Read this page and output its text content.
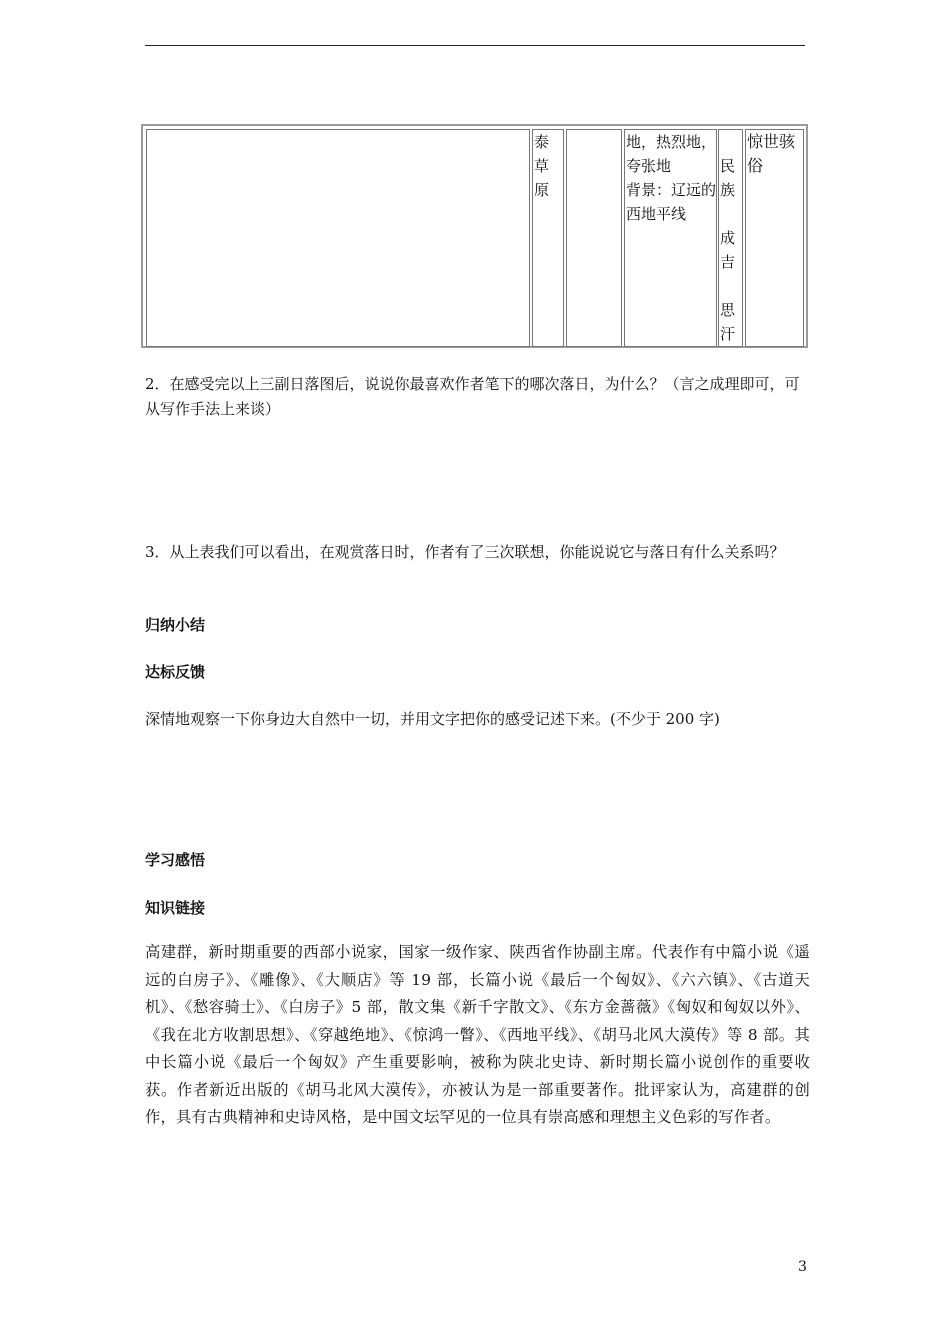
泰草原
地，热烈地，
夸张地
背景：辽远的
西地平线
民
族
成
吉
思
汗
惊世骇
俗
2．在感受完以上三副日落图后，说说你最喜欢作者笔下的哪次落日，为什么？（言之成理即可，可从写作手法上来谈）
3．从上表我们可以看出，在观赏落日时，作者有了三次联想，你能说说它与落日有什么关系吗？
归纳小结
达标反馈
深情地观察一下你身边大自然中一切，并用文字把你的感受记述下来。(不少于 200 字)
学习感悟
知识链接
高建群，新时期重要的西部小说家，国家一级作家、陕西省作协副主席。代表作有中篇小说《遥远的白房子》、《雕像》、《大顺店》等 19 部，长篇小说《最后一个匈奴》、《六六镇》、《古道天机》、《愁容骑士》、《白房子》5 部，散文集《新千字散文》、《东方金蔷薇》《匈奴和匈奴以外》、《我在北方收割思想》、《穿越绝地》、《惊鸿一瞥》、《西地平线》、《胡马北风大漠传》等 8 部。其中长篇小说《最后一个匈奴》产生重要影响，被称为陕北史诗、新时期长篇小说创作的重要收获。作者新近出版的《胡马北风大漠传》，亦被认为是一部重要著作。批评家认为，高建群的创作，具有古典精神和史诗风格，是中国文坛罕见的一位具有崇高感和理想主义色彩的写作者。
3
